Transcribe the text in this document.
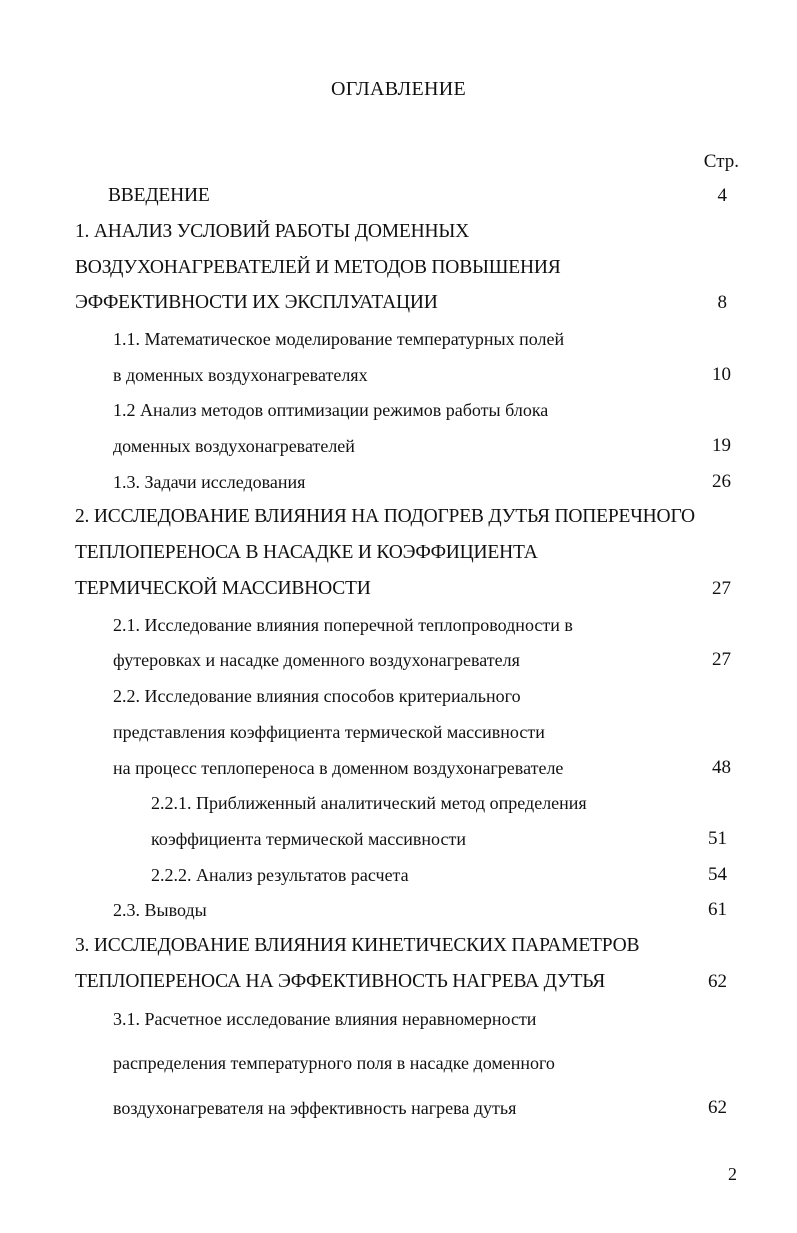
ОГЛАВЛЕНИЕ
Стр.
ВВЕДЕНИЕ	4
1. АНАЛИЗ УСЛОВИЙ РАБОТЫ ДОМЕННЫХ
ВОЗДУХОНАГРЕВАТЕЛЕЙ И МЕТОДОВ ПОВЫШЕНИЯ
ЭФФЕКТИВНОСТИ ИХ ЭКСПЛУАТАЦИИ	8
1.1. Математическое моделирование температурных полей
в доменных воздухонагревателях	10
1.2 Анализ методов оптимизации режимов работы блока
доменных воздухонагревателей	19
1.3. Задачи исследования	26
2. ИССЛЕДОВАНИЕ ВЛИЯНИЯ НА ПОДОГРЕВ ДУТЬЯ ПОПЕРЕЧНОГО
ТЕПЛОПЕРЕНОСА В НАСАДКЕ И КОЭФФИЦИЕНТА
ТЕРМИЧЕСКОЙ МАССИВНОСТИ	27
2.1. Исследование влияния поперечной теплопроводности в
футеровках и насадке доменного воздухонагревателя	27
2.2. Исследование влияния способов критериального
представления коэффициента термической массивности
на процесс теплопереноса в доменном воздухонагревателе	48
2.2.1. Приближенный аналитический метод определения
коэффициента термической массивности	51
2.2.2. Анализ результатов расчета	54
2.3. Выводы	61
3. ИССЛЕДОВАНИЕ ВЛИЯНИЯ КИНЕТИЧЕСКИХ ПАРАМЕТРОВ
ТЕПЛОПЕРЕНОСА НА ЭФФЕКТИВНОСТЬ НАГРЕВА ДУТЬЯ	62
3.1. Расчетное исследование влияния неравномерности
распределения температурного поля в насадке доменного
воздухонагревателя на эффективность нагрева дутья	62
2
